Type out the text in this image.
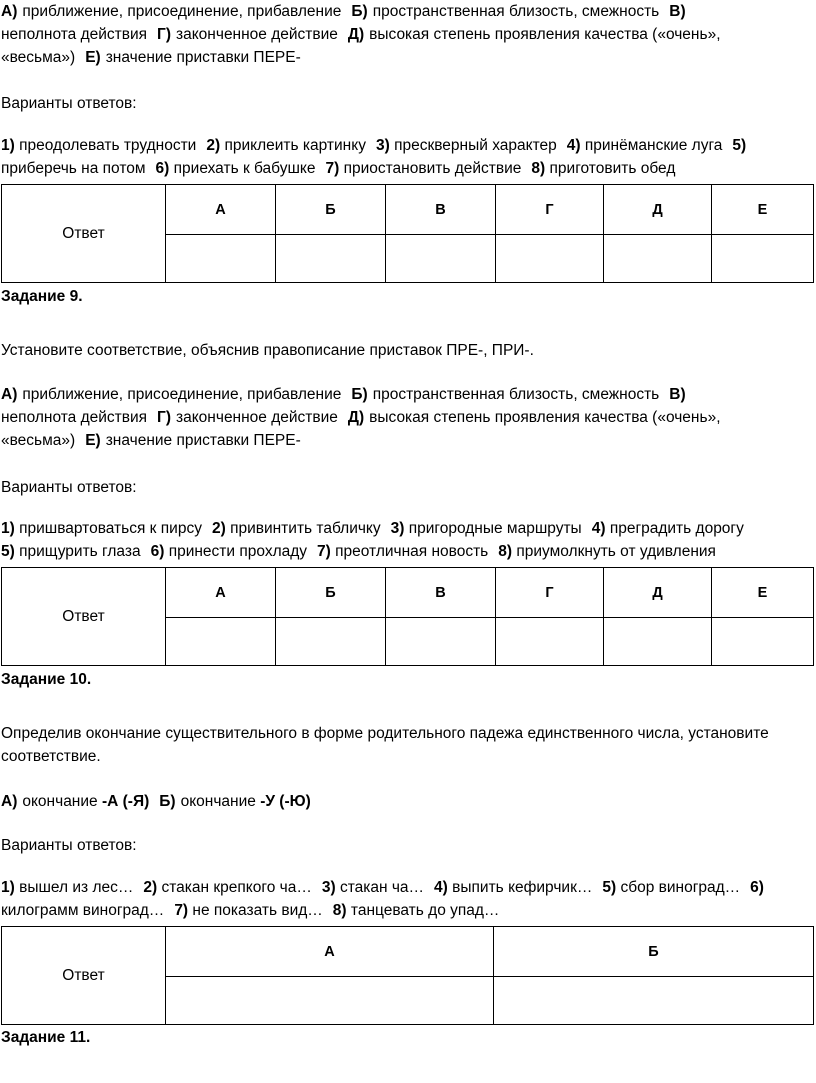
А) приближение, присоединение, прибавление Б) пространственная близость, смежность В)

неполнота действия Г) законченное действие Д) высокая степень проявления качества («очень»,

«весьма») Е) значение приставки ПЕРЕ-

Варианты ответов:

1) преодолевать трудности 2) приклеить картинку 3) прескверный характер 4) принёманские луга 5)

приберечь на потом 6) приехать к бабушке 7) приостановить действие 8) приготовить обед

Ответ	А	Б	В	Г	Д	Е

Задание 9.

Установите соответствие, объяснив правописание приставок ПРЕ-, ПРИ-.

А) приближение, присоединение, прибавление Б) пространственная близость, смежность В)

неполнота действия Г) законченное действие Д) высокая степень проявления качества («очень»,

«весьма») Е) значение приставки ПЕРЕ-

Варианты ответов:

1) пришвартоваться к пирсу 2) привинтить табличку 3) пригородные маршруты 4) преградить дорогу

5) прищурить глаза 6) принести прохладу 7) преотличная новость 8) приумолкнуть от удивления

Ответ	А	Б	В	Г	Д	Е

Задание 10.

Определив окончание существительного в форме родительного падежа единственного числа, установите

соответствие.

А) окончание -А (-Я) Б) окончание -У (-Ю)

Варианты ответов:

1) вышел из лес… 2) стакан крепкого ча… 3) стакан ча… 4) выпить кефирчик… 5) сбор виноград… 6)

килограмм виноград… 7) не показать вид… 8) танцевать до упад…

Ответ	А	Б

Задание 11.
